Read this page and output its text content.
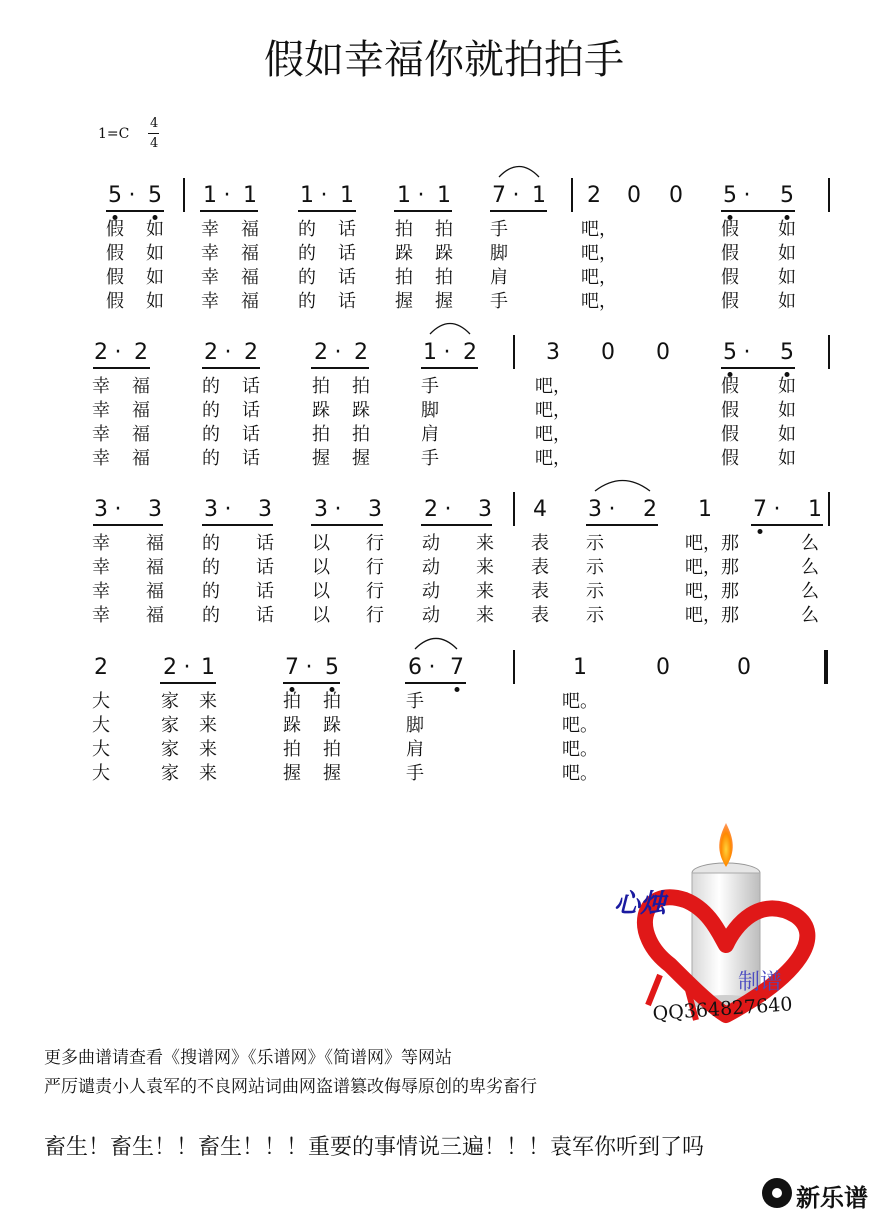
假如幸福你就拍拍手
1=C
4
4
5 · 5 1 · 1 1 · 1 1 · 1 7 · 1 2 0 0 5 · 5
假 如 幸 福 的 话 拍 拍 手	吧，	假 如
假 如 幸 福 的 话 跺 跺 脚	吧，	假 如
假 如 幸 福 的 话 拍 拍 肩	吧，	假 如
假 如 幸 福 的 话 握 握 手	吧，	假 如
2 · 2	2 · 2	2 · 2	1 · 2	3 0 0 5 · 5
幸 福	的 话	拍 拍	手	吧，	假 如
幸 福	的 话	跺 跺	脚	吧，	假 如
幸 福	的 话	拍 拍	肩	吧，	假 如
幸 福	的 话	握 握	手	吧，	假 如
3 · 3 3 · 3 3 · 3 2 · 3 4 3 · 2 1 7 · 1
幸 福 的 话 以 行 动 来 表 示	吧，那	么
幸 福 的 话 以 行 动 来 表 示	吧，那	么
幸 福 的 话 以 行 动 来 表 示	吧，那	么
幸 福 的 话 以 行 动 来 表 示	吧，那	么
2	2 · 1	7 · 5	6 · 7	1	0	0
大	家 来	拍 拍	手	吧。
大	家 来	跺 跺	脚	吧。
大	家 来	拍 拍	肩	吧。
大	家 来	握 握	手	吧。
心烛
制谱
QQ364827640
更多曲谱请查看《搜谱网》《乐谱网》《简谱网》等网站
严厉谴责小人袁军的不良网站词曲网盗谱篡改侮辱原创的卑劣畜行
畜生！畜生！！畜生！！！重要的事情说三遍！！！袁军你听到了吗
新乐谱
